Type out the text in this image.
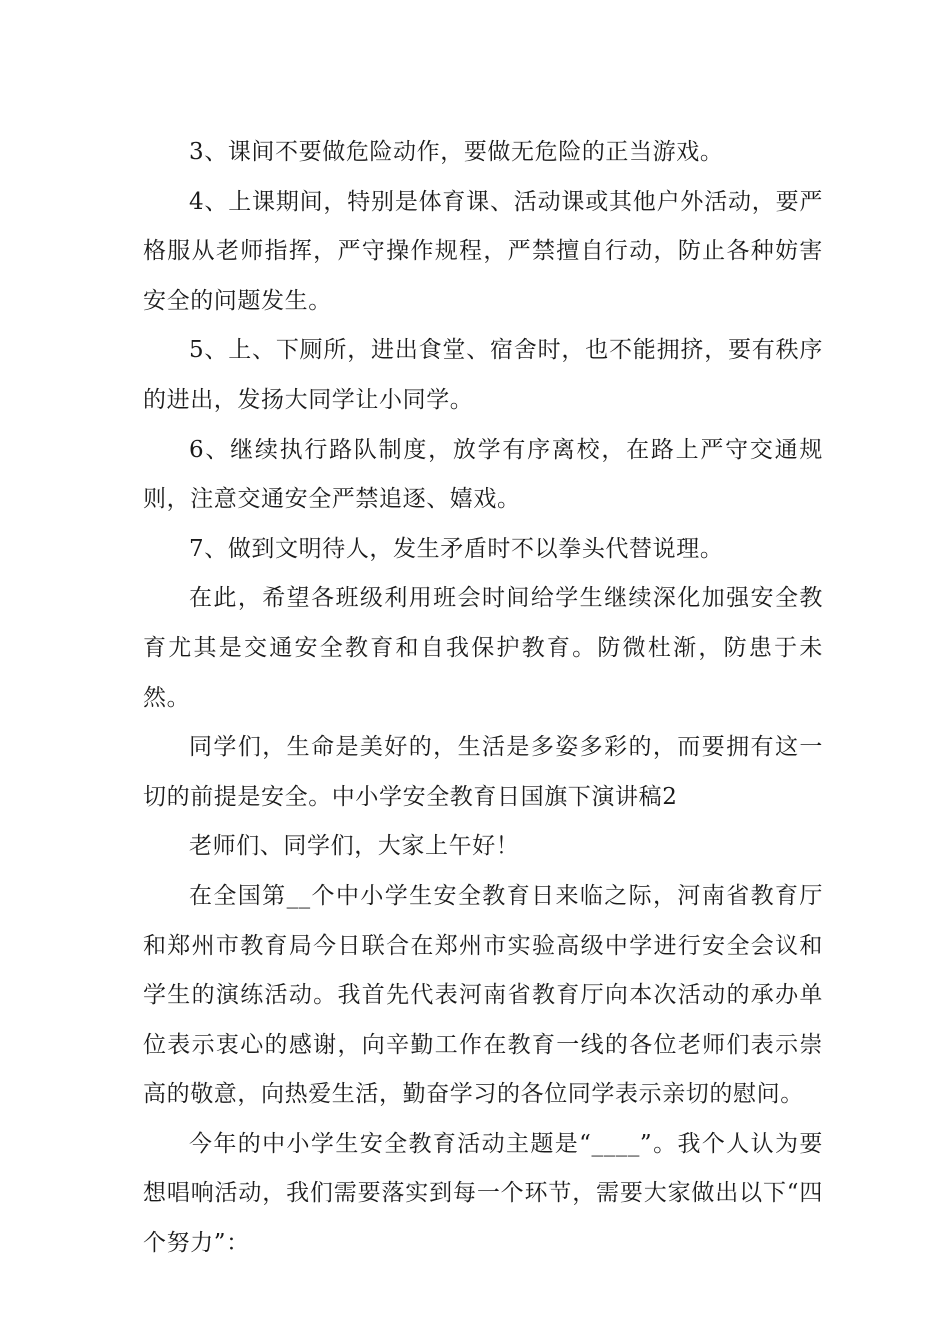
3、课间不要做危险动作，要做无危险的正当游戏。

4、上课期间，特别是体育课、活动课或其他户外活动，要严格服从老师指挥，严守操作规程，严禁擅自行动，防止各种妨害安全的问题发生。

5、上、下厕所，进出食堂、宿舍时，也不能拥挤，要有秩序的进出，发扬大同学让小同学。

6、继续执行路队制度，放学有序离校，在路上严守交通规则，注意交通安全严禁追逐、嬉戏。

7、做到文明待人，发生矛盾时不以拳头代替说理。

在此，希望各班级利用班会时间给学生继续深化加强安全教育尤其是交通安全教育和自我保护教育。防微杜渐，防患于未然。

同学们，生命是美好的，生活是多姿多彩的，而要拥有这一切的前提是安全。中小学安全教育日国旗下演讲稿2

老师们、同学们，大家上午好！

在全国第__个中小学生安全教育日来临之际，河南省教育厅和郑州市教育局今日联合在郑州市实验高级中学进行安全会议和学生的演练活动。我首先代表河南省教育厅向本次活动的承办单位表示衷心的感谢，向辛勤工作在教育一线的各位老师们表示崇高的敬意，向热爱生活，勤奋学习的各位同学表示亲切的慰问。

今年的中小学生安全教育活动主题是“____”。我个人认为要想唱响活动，我们需要落实到每一个环节，需要大家做出以下“四个努力”：
